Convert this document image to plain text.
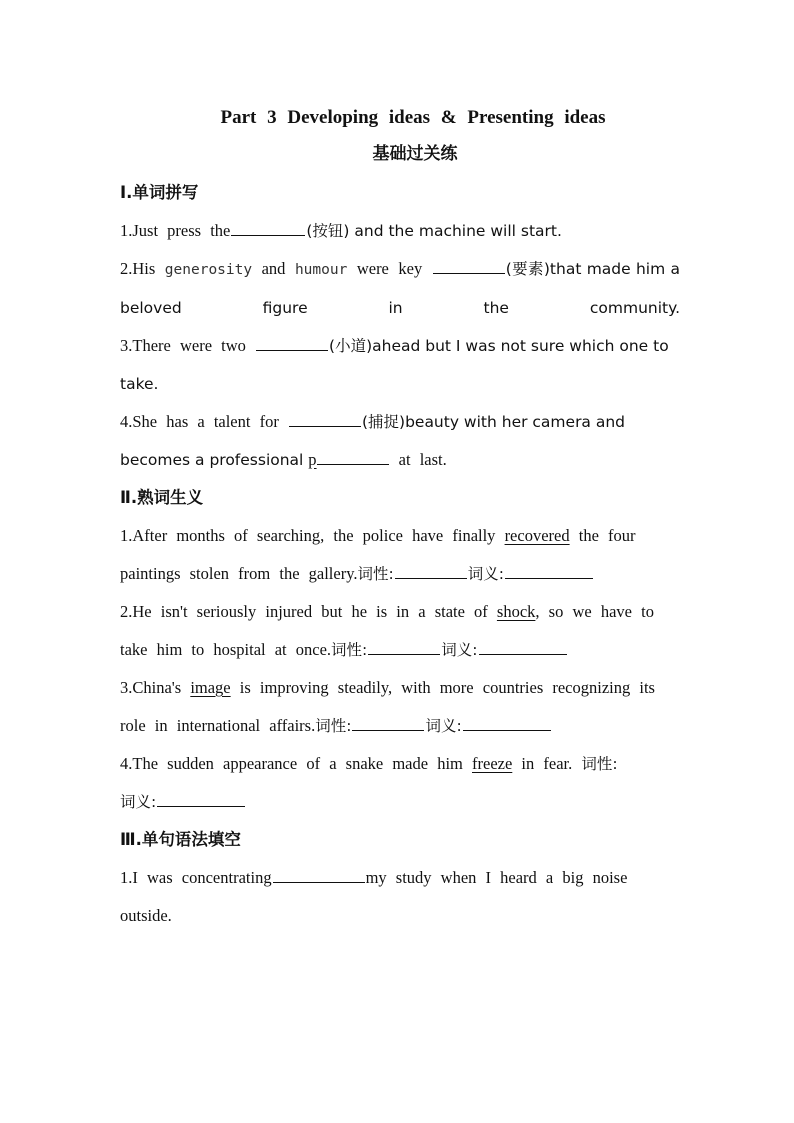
Part 3 Developing ideas & Presenting ideas
基础过关练
Ⅰ.单词拼写
1.Just press the	(按钮) and the machine will start.
2.His generosity and humour were key	(要素)that made him a beloved figure in the community.
3.There were two	(小道)ahead but I was not sure which one to take.
4.She has a talent for	(捕捉)beauty with her camera and becomes a professional p	at last.
Ⅱ.熟词生义
1.After months of searching, the police have finally recovered the four paintings stolen from the gallery.词性:	词义:
2.He isn't seriously injured but he is in a state of shock, so we have to take him to hospital at once.词性:	词义:
3.China's image is improving steadily, with more countries recognizing its role in international affairs.词性:	词义:
4.The sudden appearance of a snake made him freeze in fear. 词性:
词义:
Ⅲ.单句语法填空
1.I was concentrating	my study when I heard a big noise outside.
